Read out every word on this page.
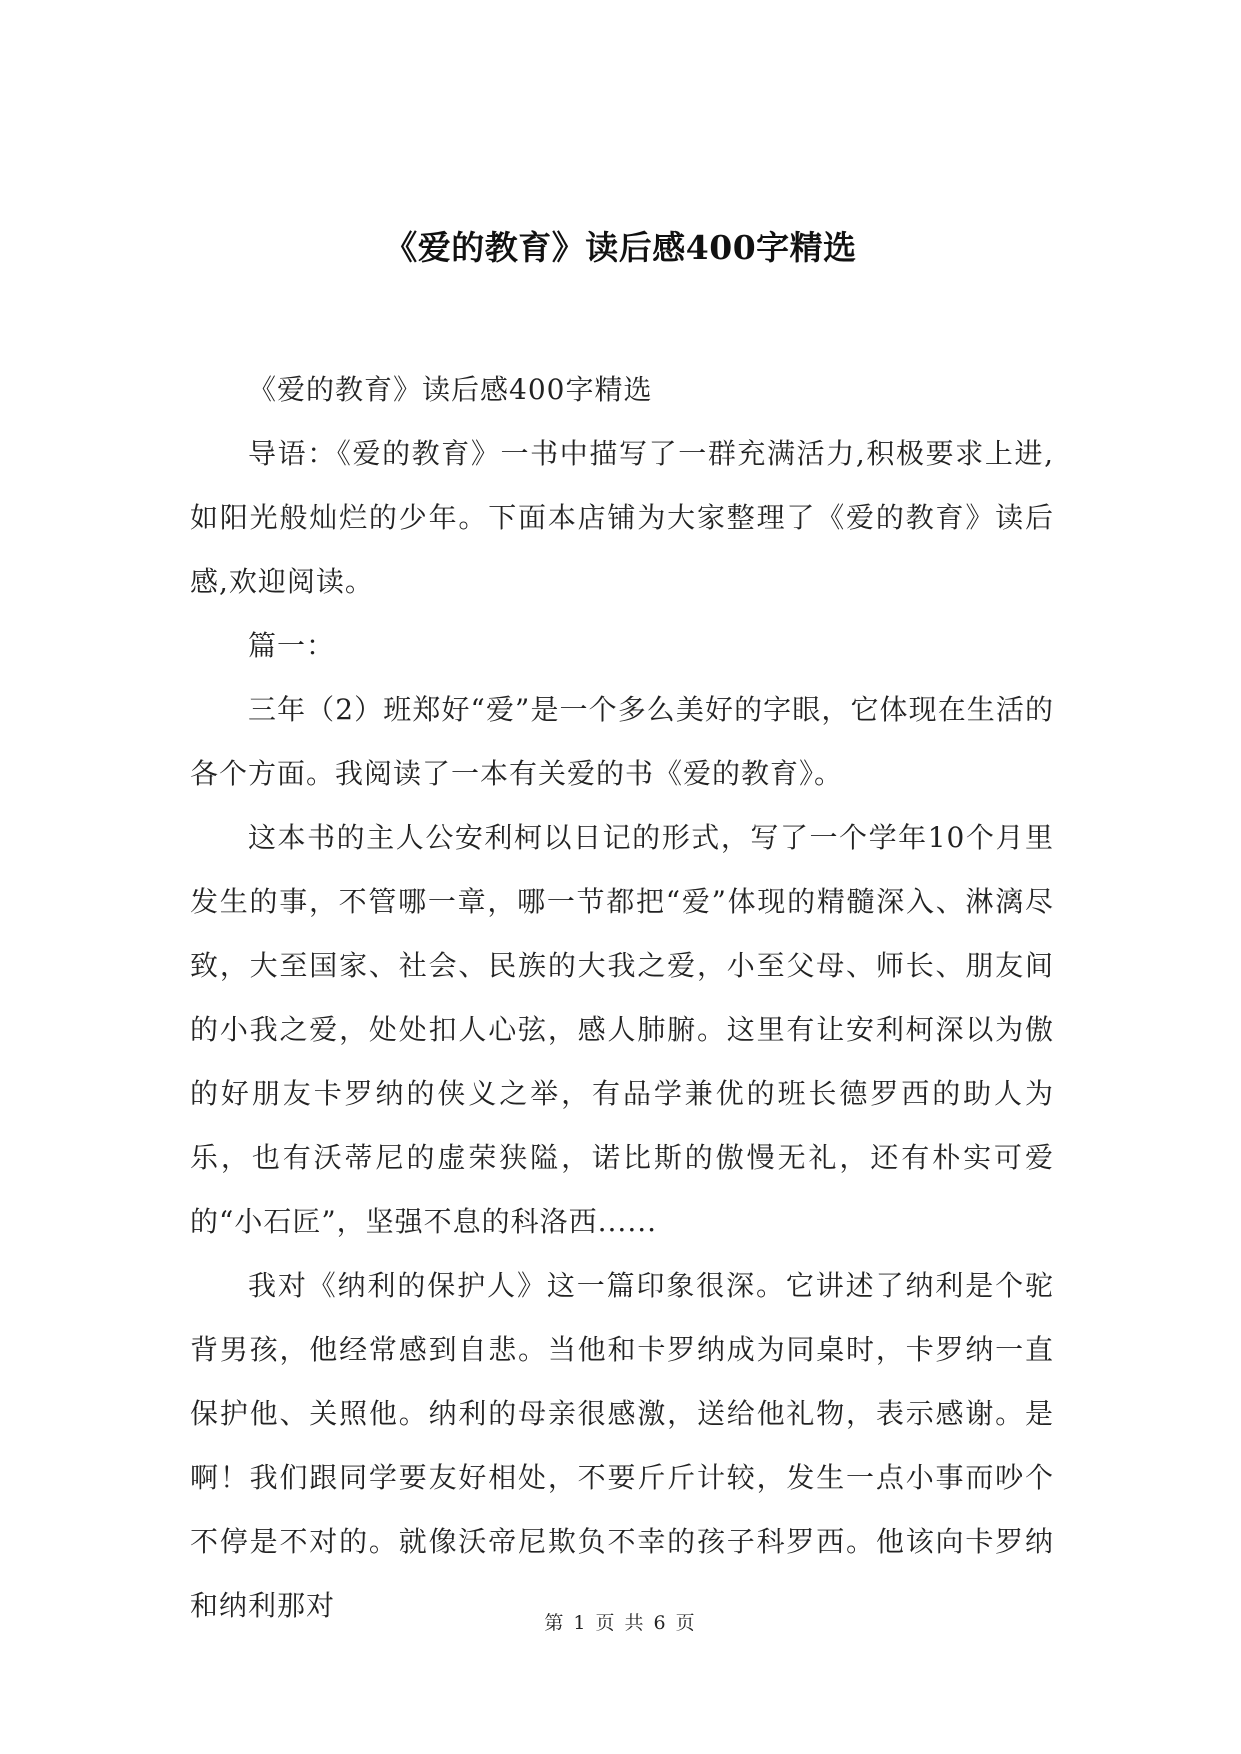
《爱的教育》读后感400字精选

《爱的教育》读后感400字精选

导语：《爱的教育》一书中描写了一群充满活力,积极要求上进,如阳光般灿烂的少年。下面本店铺为大家整理了《爱的教育》读后感,欢迎阅读。

篇一：

三年（2）班郑好“爱”是一个多么美好的字眼，它体现在生活的各个方面。我阅读了一本有关爱的书《爱的教育》。

这本书的主人公安利柯以日记的形式，写了一个学年10个月里发生的事，不管哪一章，哪一节都把“爱”体现的精髓深入、淋漓尽致，大至国家、社会、民族的大我之爱，小至父母、师长、朋友间的小我之爱，处处扣人心弦，感人肺腑。这里有让安利柯深以为傲的好朋友卡罗纳的侠义之举，有品学兼优的班长德罗西的助人为乐，也有沃蒂尼的虚荣狭隘，诺比斯的傲慢无礼，还有朴实可爱的“小石匠”，坚强不息的科洛西......

我对《纳利的保护人》这一篇印象很深。它讲述了纳利是个驼背男孩，他经常感到自悲。当他和卡罗纳成为同桌时，卡罗纳一直保护他、关照他。纳利的母亲很感激，送给他礼物，表示感谢。是啊！我们跟同学要友好相处，不要斤斤计较，发生一点小事而吵个不停是不对的。就像沃帝尼欺负不幸的孩子科罗西。他该向卡罗纳和纳利那对

第 1 页 共 6 页
